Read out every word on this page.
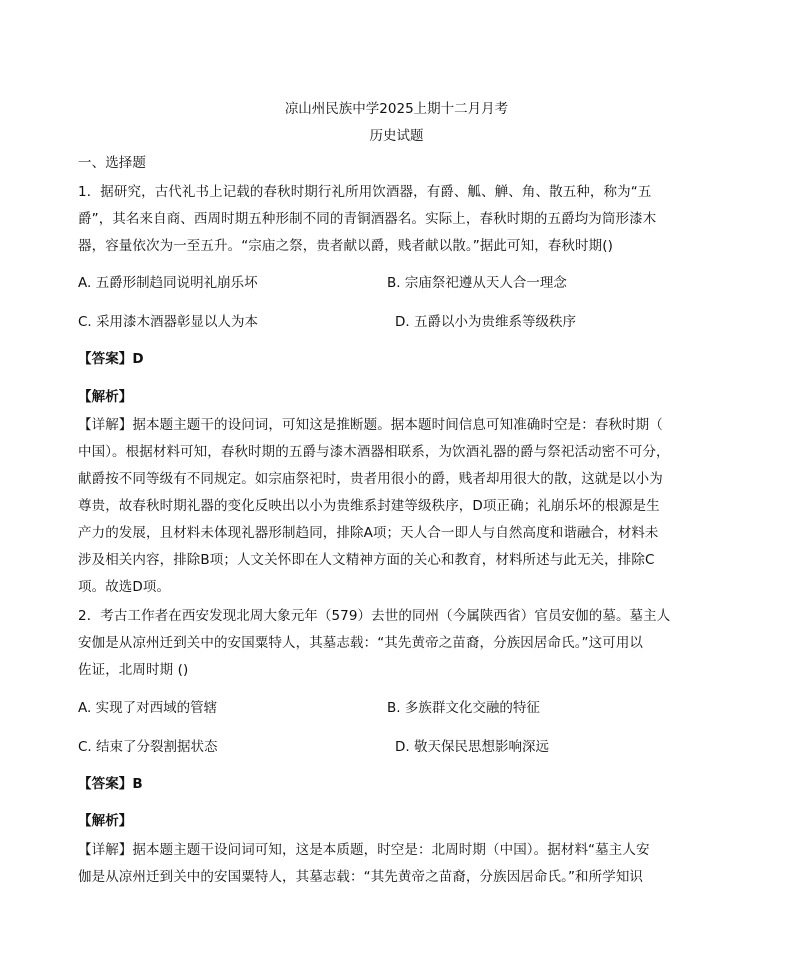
凉山州民族中学2025上期十二月月考
历史试题
一、选择题
1．据研究，古代礼书上记载的春秋时期行礼所用饮酒器，有爵、觚、觯、角、散五种，称为“五
爵”，其名来自商、西周时期五种形制不同的青铜酒器名。实际上，春秋时期的五爵均为筒形漆木
器，容量依次为一至五升。“宗庙之祭，贵者献以爵，贱者献以散。”据此可知，春秋时期()
A. 五爵形制趋同说明礼崩乐坏	B. 宗庙祭祀遵从天人合一理念
C. 采用漆木酒器彰显以人为本	D. 五爵以小为贵维系等级秩序
【答案】D
【解析】
【详解】据本题主题干的设问词，可知这是推断题。据本题时间信息可知准确时空是：春秋时期（
中国）。根据材料可知，春秋时期的五爵与漆木酒器相联系，为饮酒礼器的爵与祭祀活动密不可分，
献爵按不同等级有不同规定。如宗庙祭祀时，贵者用很小的爵，贱者却用很大的散，这就是以小为
尊贵，故春秋时期礼器的变化反映出以小为贵维系封建等级秩序，D项正确；礼崩乐坏的根源是生
产力的发展，且材料未体现礼器形制趋同，排除A项；天人合一即人与自然高度和谐融合，材料未
涉及相关内容，排除B项；人文关怀即在人文精神方面的关心和教育，材料所述与此无关，排除C
项。故选D项。
2．考古工作者在西安发现北周大象元年（579）去世的同州（今属陕西省）官员安伽的墓。墓主人
安伽是从凉州迁到关中的安国粟特人，其墓志载：“其先黄帝之苗裔，分族因居命氏。”这可用以
佐证，北周时期 ()
A. 实现了对西域的管辖	B. 多族群文化交融的特征
C. 结束了分裂割据状态	D. 敬天保民思想影响深远
【答案】B
【解析】
【详解】据本题主题干设问词可知，这是本质题，时空是：北周时期（中国）。据材料“墓主人安
伽是从凉州迁到关中的安国粟特人，其墓志载：“其先黄帝之苗裔，分族因居命氏。”和所学知识
